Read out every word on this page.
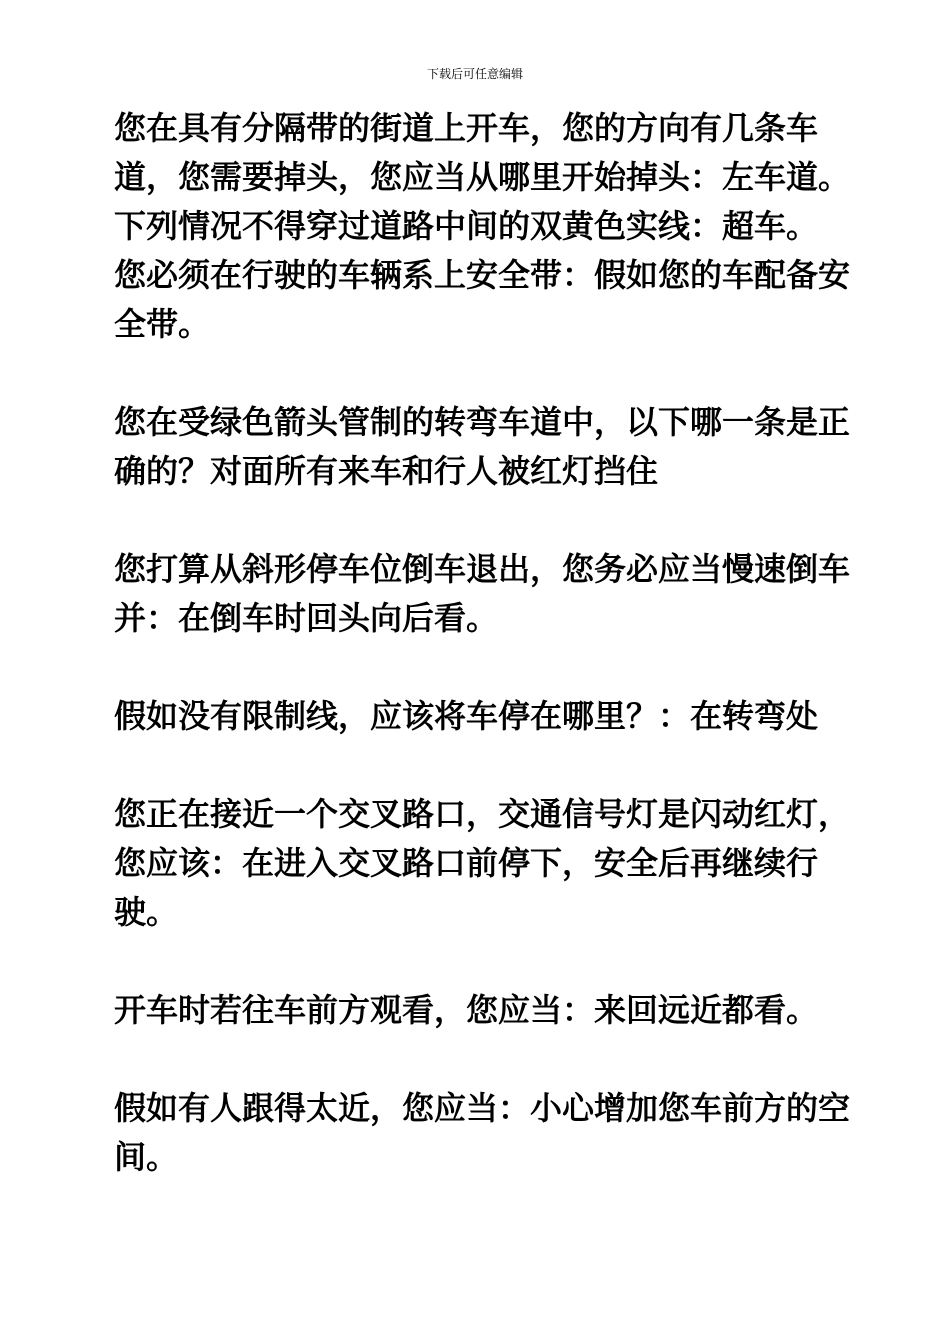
下载后可任意编辑

您在具有分隔带的街道上开车，您的方向有几条车道，您需要掉头，您应当从哪里开始掉头：左车道。

下列情况不得穿过道路中间的双黄色实线：超车。

您必须在行驶的车辆系上安全带：假如您的车配备安全带。

您在受绿色箭头管制的转弯车道中，以下哪一条是正确的？对面所有来车和行人被红灯挡住

您打算从斜形停车位倒车退出，您务必应当慢速倒车并：在倒车时回头向后看。

假如没有限制线，应该将车停在哪里？：在转弯处

您正在接近一个交叉路口，交通信号灯是闪动红灯，您应该：在进入交叉路口前停下，安全后再继续行驶。

开车时若往车前方观看，您应当：来回远近都看。

假如有人跟得太近，您应当：小心增加您车前方的空间。
